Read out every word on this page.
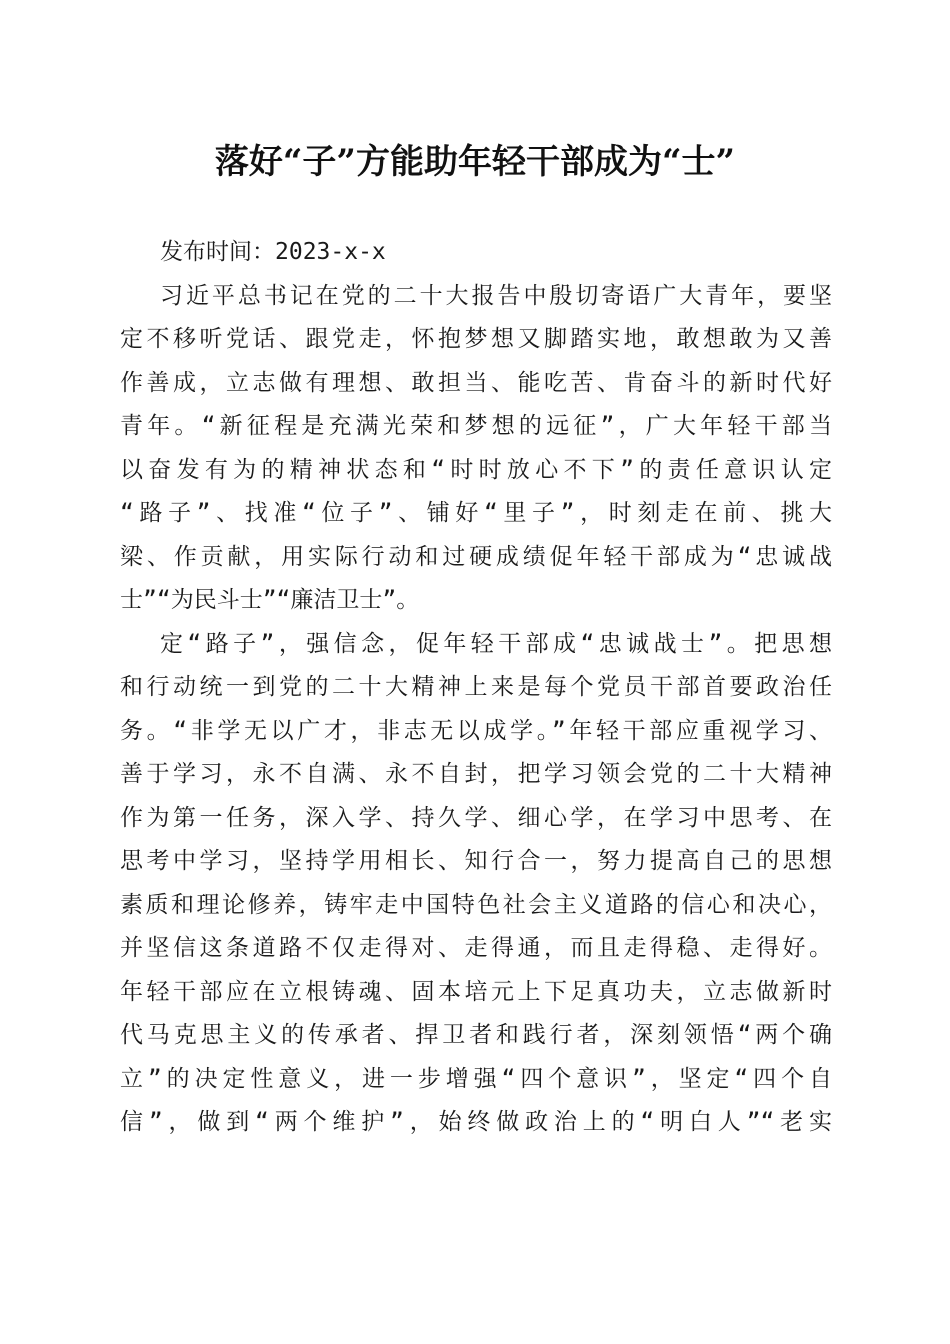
落好“子”方能助年轻干部成为“士”
发布时间：2023-x-x
习近平总书记在党的二十大报告中殷切寄语广大青年，要坚
定不移听党话、跟党走，怀抱梦想又脚踏实地，敢想敢为又善
作善成，立志做有理想、敢担当、能吃苦、肯奋斗的新时代好
青年。“新征程是充满光荣和梦想的远征”，广大年轻干部当
以奋发有为的精神状态和“时时放心不下”的责任意识认定
“路子”、找准“位子”、铺好“里子”，时刻走在前、挑大
梁、作贡献，用实际行动和过硬成绩促年轻干部成为“忠诚战
士”“为民斗士”“廉洁卫士”。
定“路子”，强信念，促年轻干部成“忠诚战士”。把思想
和行动统一到党的二十大精神上来是每个党员干部首要政治任
务。“非学无以广才，非志无以成学。”年轻干部应重视学习、
善于学习，永不自满、永不自封，把学习领会党的二十大精神
作为第一任务，深入学、持久学、细心学，在学习中思考、在
思考中学习，坚持学用相长、知行合一，努力提高自己的思想
素质和理论修养，铸牢走中国特色社会主义道路的信心和决心，
并坚信这条道路不仅走得对、走得通，而且走得稳、走得好。
年轻干部应在立根铸魂、固本培元上下足真功夫，立志做新时
代马克思主义的传承者、捍卫者和践行者，深刻领悟“两个确
立”的决定性意义，进一步增强“四个意识”，坚定“四个自
信”，做到“两个维护”，始终做政治上的“明白人”“老实
